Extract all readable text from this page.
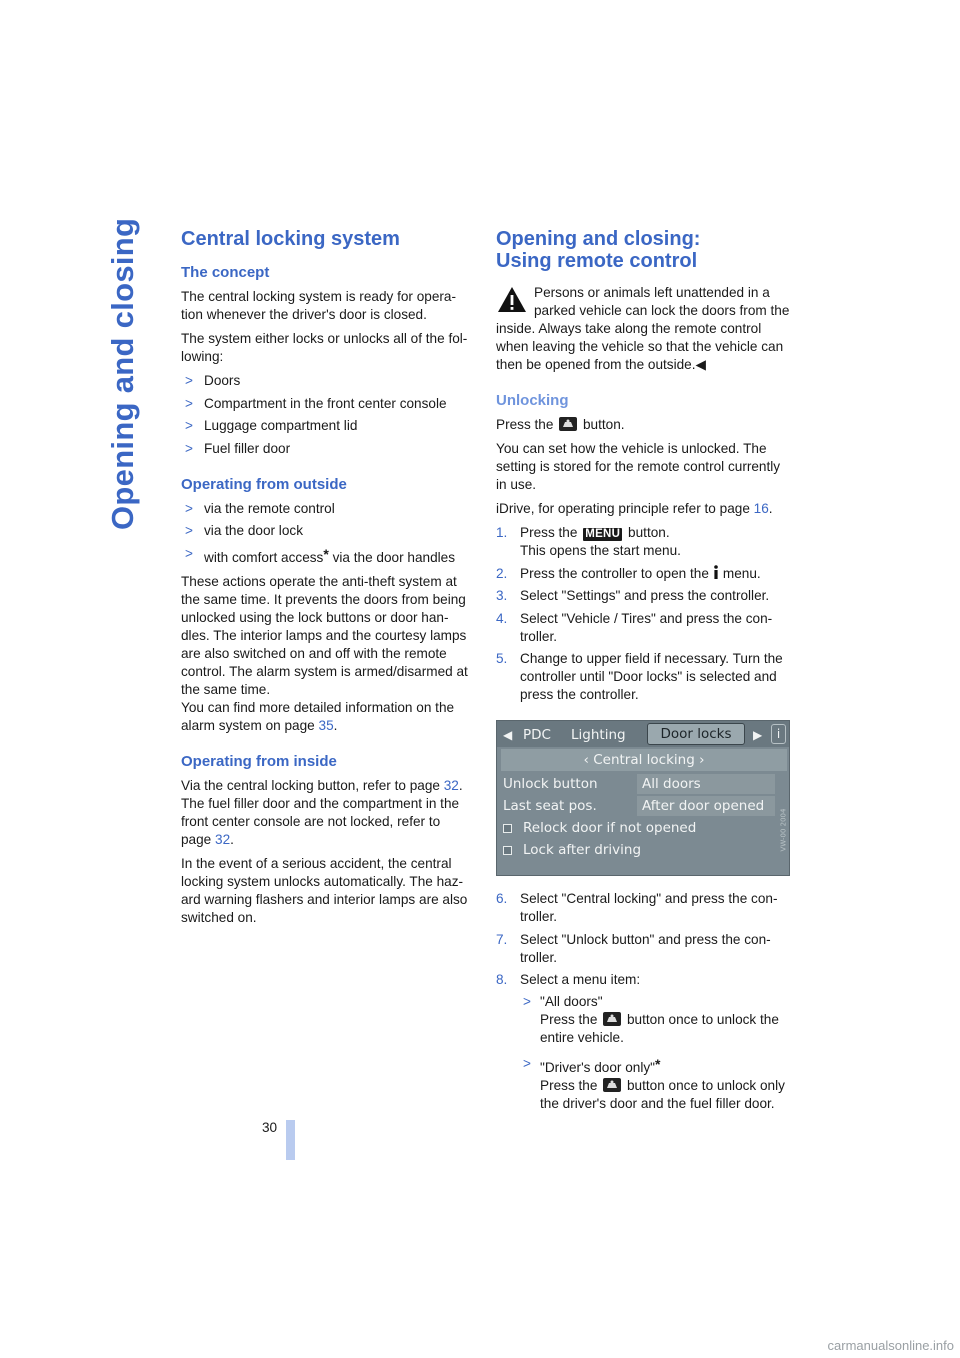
Opening and closing Central locking system
The concept

The central locking system is ready for opera-tion whenever the driver's door is closed.

The system either locks or unlocks all of the fol-lowing:

> Doors
> Compartment in the front center console
> Luggage compartment lid
> Fuel filler door
Operating from outside
> via the remote control
> via the door lock
> with comfort access* via the door handles

These actions operate the anti-theft system at the same time. It prevents the doors from being unlocked using the lock buttons or door han-dles. The interior lamps and the courtesy lamps are also switched on and off with the remote control. The alarm system is armed/disarmed at the same time.

You can find more detailed information on the alarm system on page 35.

Operating from inside

Via the central locking button, refer to page 32.

The fuel filler door and the compartment in the front center console are not locked, refer to page 32.

In the event of a serious accident, the central locking system unlocks automatically. The haz-ard warning flashers and interior lamps are also switched on.

Opening and closing:
Using remote control
Persons or animals left unattended in a parked vehicle can lock the doors from the inside. Always take along the remote control when leaving the vehicle so that the vehicle can then be opened from the outside.◀
Unlocking

Press the button.

You can set how the vehicle is unlocked. The setting is stored for the remote control currently in use.

iDrive, for operating principle refer to page 16.

1. Press the MENU button.
This opens the start menu.
2. Press the controller to open the menu.
3. Select "Settings" and press the controller.
4. Select "Vehicle / Tires" and press the con-troller.
5. Change to upper field if necessary. Turn the controller until "Door locks" is selected and press the controller.
◀ PDC Lighting	Door locks	▶	i
‹ Central locking ›
Unlock button	All doors
Last seat pos.	After door opened
Relock door if not opened
Lock after driving	VW-00 2004
6. Select "Central locking" and press the con-troller.
7. Select "Unlock button" and press the con-troller.
8. Select a menu item:
> "All doors"
Press the button once to unlock the entire vehicle.
> "Driver's door only"*
Press the button once to unlock only the driver's door and the fuel filler door.
30
carmanualsonline.info
